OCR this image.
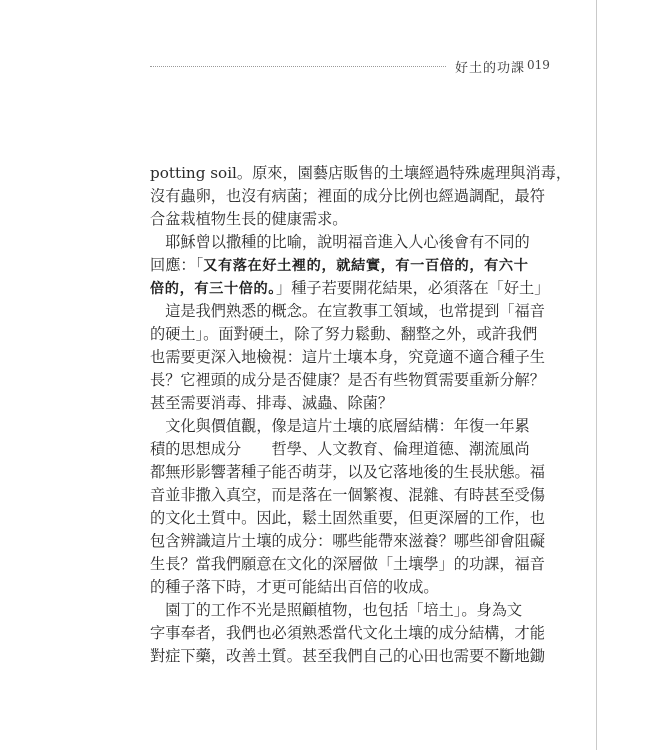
好土的功課 019
potting soil。原來，園藝店販售的土壤經過特殊處理與消毒，
沒有蟲卵，也沒有病菌；裡面的成分比例也經過調配，最符
合盆栽植物生長的健康需求。
　耶穌曾以撒種的比喻，說明福音進入人心後會有不同的
回應：「又有落在好土裡的，就結實，有一百倍的，有六十
倍的，有三十倍的。」種子若要開花結果，必須落在「好土」
　這是我們熟悉的概念。在宣教事工領域，也常提到「福音
的硬土」。面對硬土，除了努力鬆動、翻整之外，或許我們
也需要更深入地檢視：這片土壤本身，究竟適不適合種子生
長？它裡頭的成分是否健康？是否有些物質需要重新分解？
甚至需要消毒、排毒、滅蟲、除菌？
　文化與價值觀，像是這片土壤的底層結構：年復一年累
積的思想成分　　哲學、人文教育、倫理道德、潮流風尚
都無形影響著種子能否萌芽，以及它落地後的生長狀態。福
音並非撒入真空，而是落在一個繁複、混雜、有時甚至受傷
的文化土質中。因此，鬆土固然重要，但更深層的工作，也
包含辨識這片土壤的成分：哪些能帶來滋養？哪些卻會阻礙
生長？當我們願意在文化的深層做「土壤學」的功課，福音
的種子落下時，才更可能結出百倍的收成。
　園丁的工作不光是照顧植物，也包括「培土」。身為文
字事奉者，我們也必須熟悉當代文化土壤的成分結構，才能
對症下藥，改善土質。甚至我們自己的心田也需要不斷地鋤
